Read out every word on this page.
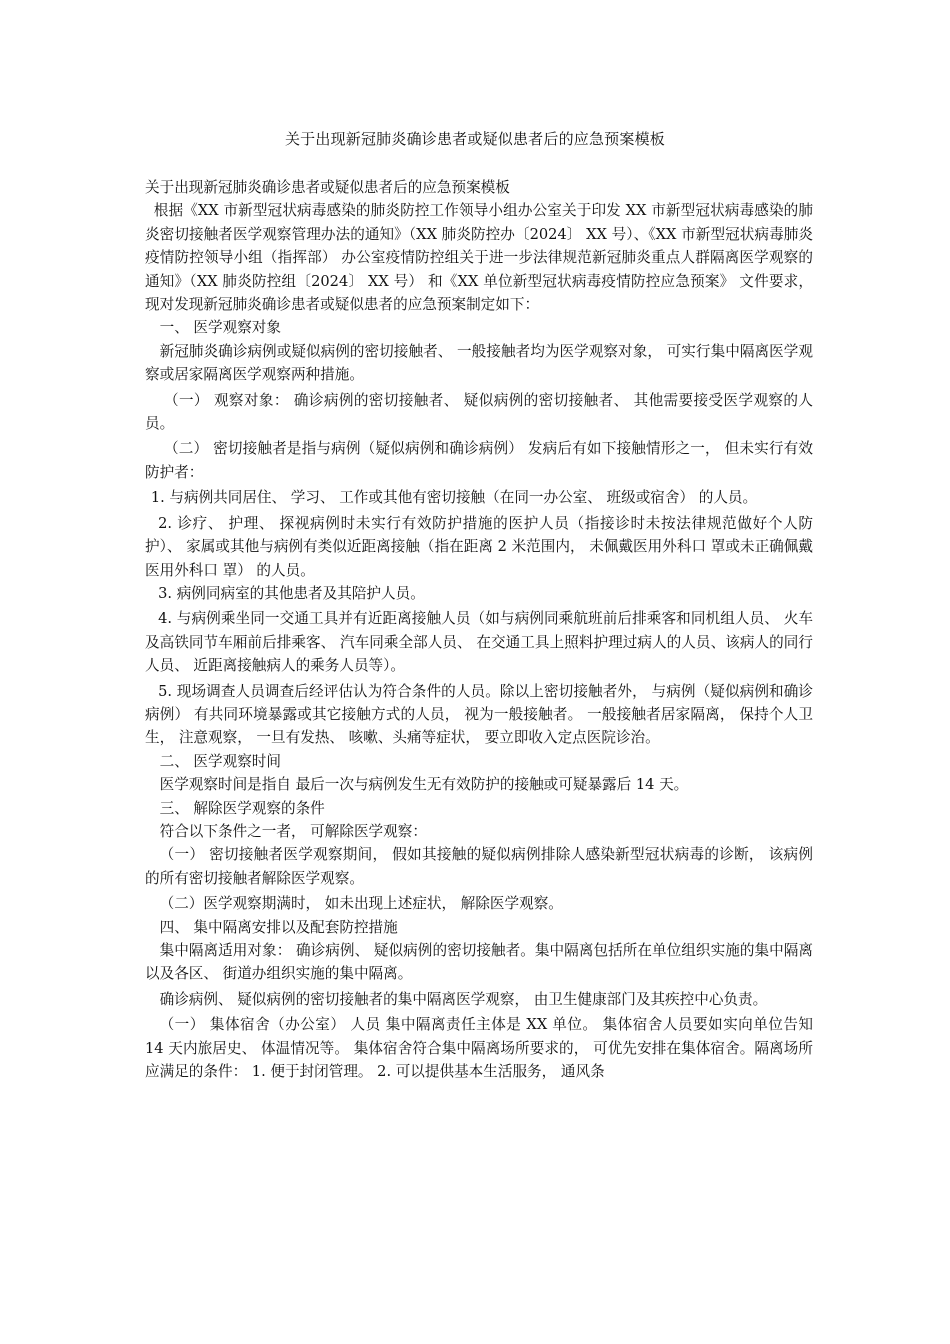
关于出现新冠肺炎确诊患者或疑似患者后的应急预案模板

关于出现新冠肺炎确诊患者或疑似患者后的应急预案模板

根据《XX 市新型冠状病毒感染的肺炎防控工作领导小组办公室关于印发 XX 市新型冠状病毒感染的肺炎密切接触者医学观察管理办法的通知》（XX 肺炎防控办〔2024〕 XX 号）、《XX 市新型冠状病毒肺炎疫情防控领导小组（指挥部） 办公室疫情防控组关于进一步法律规范新冠肺炎重点人群隔离医学观察的通知》（XX 肺炎防控组〔2024〕 XX 号） 和《XX 单位新型冠状病毒疫情防控应急预案》 文件要求， 现对发现新冠肺炎确诊患者或疑似患者的应急预案制定如下：

一、 医学观察对象

新冠肺炎确诊病例或疑似病例的密切接触者、 一般接触者均为医学观察对象， 可实行集中隔离医学观察或居家隔离医学观察两种措施。

（一） 观察对象： 确诊病例的密切接触者、 疑似病例的密切接触者、 其他需要接受医学观察的人员。

（二） 密切接触者是指与病例（疑似病例和确诊病例） 发病后有如下接触情形之一， 但未实行有效防护者：

1. 与病例共同居住、 学习、 工作或其他有密切接触（在同一办公室、 班级或宿舍） 的人员。

2. 诊疗、 护理、 探视病例时未实行有效防护措施的医护人员（指接诊时未按法律规范做好个人防护）、 家属或其他与病例有类似近距离接触（指在距离 2 米范围内， 未佩戴医用外科口 罩或未正确佩戴医用外科口 罩） 的人员。

3. 病例同病室的其他患者及其陪护人员。

4. 与病例乘坐同一交通工具并有近距离接触人员（如与病例同乘航班前后排乘客和同机组人员、 火车及高铁同节车厢前后排乘客、 汽车同乘全部人员、 在交通工具上照料护理过病人的人员、该病人的同行人员、 近距离接触病人的乘务人员等）。

5. 现场调查人员调查后经评估认为符合条件的人员。除以上密切接触者外， 与病例（疑似病例和确诊病例） 有共同环境暴露或其它接触方式的人员， 视为一般接触者。 一般接触者居家隔离， 保持个人卫生， 注意观察， 一旦有发热、 咳嗽、头痛等症状， 要立即收入定点医院诊治。

二、 医学观察时间

医学观察时间是指自 最后一次与病例发生无有效防护的接触或可疑暴露后 14 天。

三、 解除医学观察的条件

符合以下条件之一者， 可解除医学观察：

（一） 密切接触者医学观察期间， 假如其接触的疑似病例排除人感染新型冠状病毒的诊断， 该病例的所有密切接触者解除医学观察。

（二）医学观察期满时， 如未出现上述症状， 解除医学观察。

四、 集中隔离安排以及配套防控措施

集中隔离适用对象： 确诊病例、 疑似病例的密切接触者。集中隔离包括所在单位组织实施的集中隔离以及各区、 街道办组织实施的集中隔离。

确诊病例、 疑似病例的密切接触者的集中隔离医学观察， 由卫生健康部门及其疾控中心负责。

（一） 集体宿舍（办公室） 人员 集中隔离责任主体是 XX 单位。 集体宿舍人员要如实向单位告知 14 天内旅居史、 体温情况等。 集体宿舍符合集中隔离场所要求的， 可优先安排在集体宿舍。隔离场所应满足的条件： 1. 便于封闭管理。 2. 可以提供基本生活服务， 通风条
